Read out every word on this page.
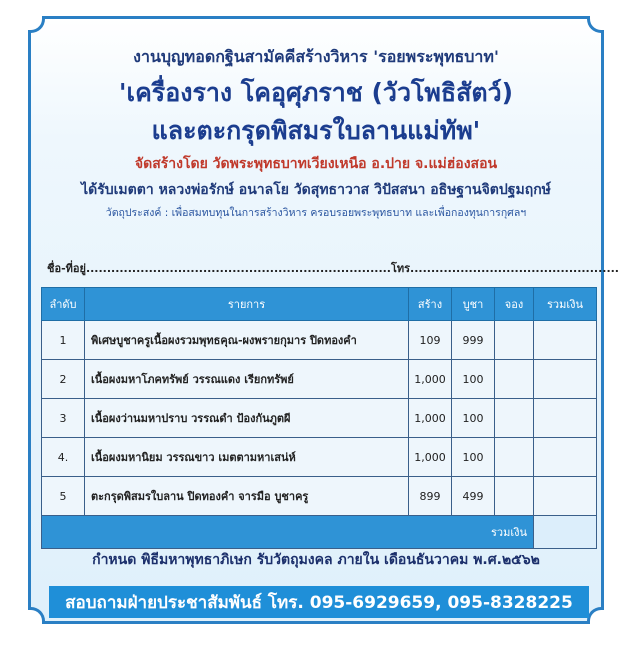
งานบุญทอดกฐินสามัคคีสร้างวิหาร 'รอยพระพุทธบาท'
'เครื่องราง โคอุศุภราช (วัวโพธิสัตว์)
และตะกรุดพิสมรใบลานแม่ทัพ'
จัดสร้างโดย วัดพระพุทธบาทเวียงเหนือ อ.ปาย จ.แม่ฮ่องสอน
ได้รับเมตตา หลวงพ่อรักษ์ อนาลโย วัดสุทธาวาส วิปัสสนา อธิษฐานจิตปฐมฤกษ์
วัตถุประสงค์ : เพื่อสมทบทุนในการสร้างวิหาร ครอบรอยพระพุทธบาท และเพื่อกองทุนการกุศลฯ
ชื่อ-ที่อยู่.........................................................................โทร..................................................
ลำดับ	รายการ	สร้าง	บูชา	จอง	รวมเงิน
1	พิเศษบูชาครูเนื้อผงรวมพุทธคุณ-ผงพรายกุมาร ปิดทองคำ	109	999		
2	เนื้อผงมหาโภคทรัพย์ วรรณแดง เรียกทรัพย์	1,000	100		
3	เนื้อผงว่านมหาปราบ วรรณดำ ป้องกันภูตผี	1,000	100		
4.	เนื้อผงมหานิยม วรรณขาว เมตตามหาเสน่ห์	1,000	100		
5	ตะกรุดพิสมรใบลาน ปิดทองคำ จารมือ บูชาครู	899	499		
รวมเงิน					
กำหนด พิธีมหาพุทธาภิเษก รับวัตถุมงคล ภายใน เดือนธันวาคม พ.ศ.๒๕๖๒
สอบถามฝ่ายประชาสัมพันธ์ โทร. 095-6929659, 095-8328225
